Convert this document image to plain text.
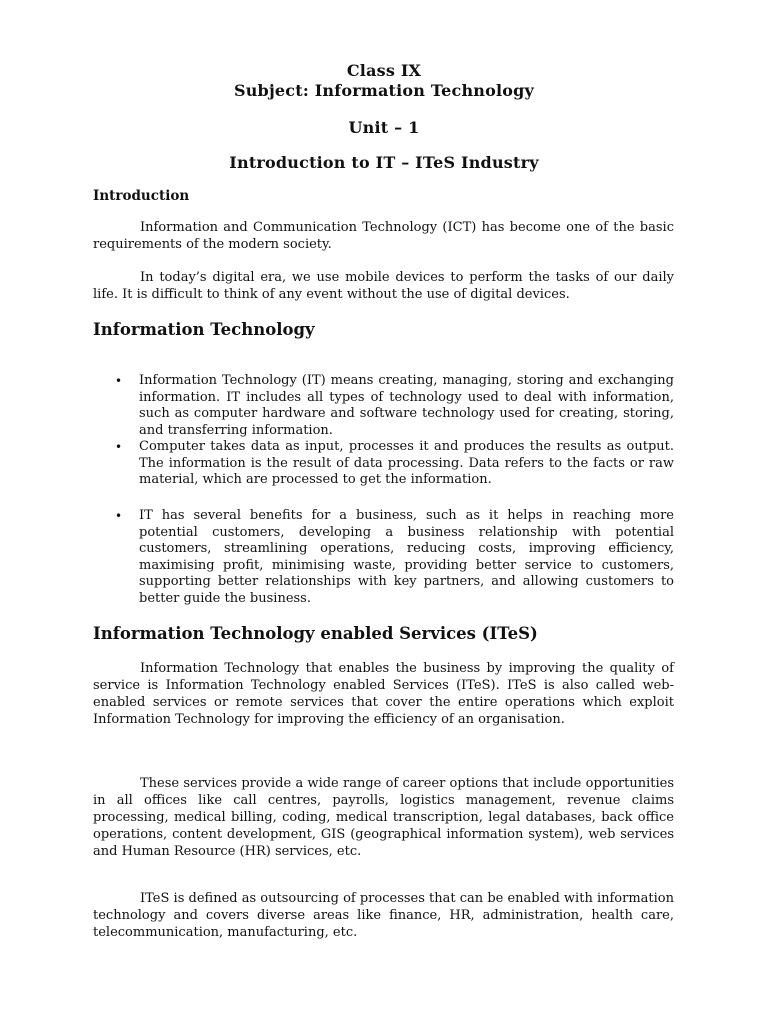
Class IX
Subject: Information Technology
Unit – 1
Introduction to IT – ITeS Industry
Introduction

Information and Communication Technology (ICT) has become one of the basic requirements of the modern society.

In today’s digital era, we use mobile devices to perform the tasks of our daily life. It is difficult to think of any event without the use of digital devices.

Information Technology
• Information Technology (IT) means creating, managing, storing and exchanging information. IT includes all types of technology used to deal with information, such as computer hardware and software technology used for creating, storing, and transferring information.
• Computer takes data as input, processes it and produces the results as output. The information is the result of data processing. Data refers to the facts or raw material, which are processed to get the information.
• IT has several benefits for a business, such as it helps in reaching more potential customers, developing a business relationship with potential customers, streamlining operations, reducing costs, improving efficiency, maximising profit, minimising waste, providing better service to customers, supporting better relationships with key partners, and allowing customers to better guide the business.
Information Technology enabled Services (ITeS)

Information Technology that enables the business by improving the quality of service is Information Technology enabled Services (ITeS). ITeS is also called web-enabled services or remote services that cover the entire operations which exploit Information Technology for improving the efficiency of an organisation.

These services provide a wide range of career options that include opportunities in all offices like call centres, payrolls, logistics management, revenue claims processing, medical billing, coding, medical transcription, legal databases, back office operations, content development, GIS (geographical information system), web services and Human Resource (HR) services, etc.

ITeS is defined as outsourcing of processes that can be enabled with information technology and covers diverse areas like finance, HR, administration, health care, telecommunication, manufacturing, etc.
